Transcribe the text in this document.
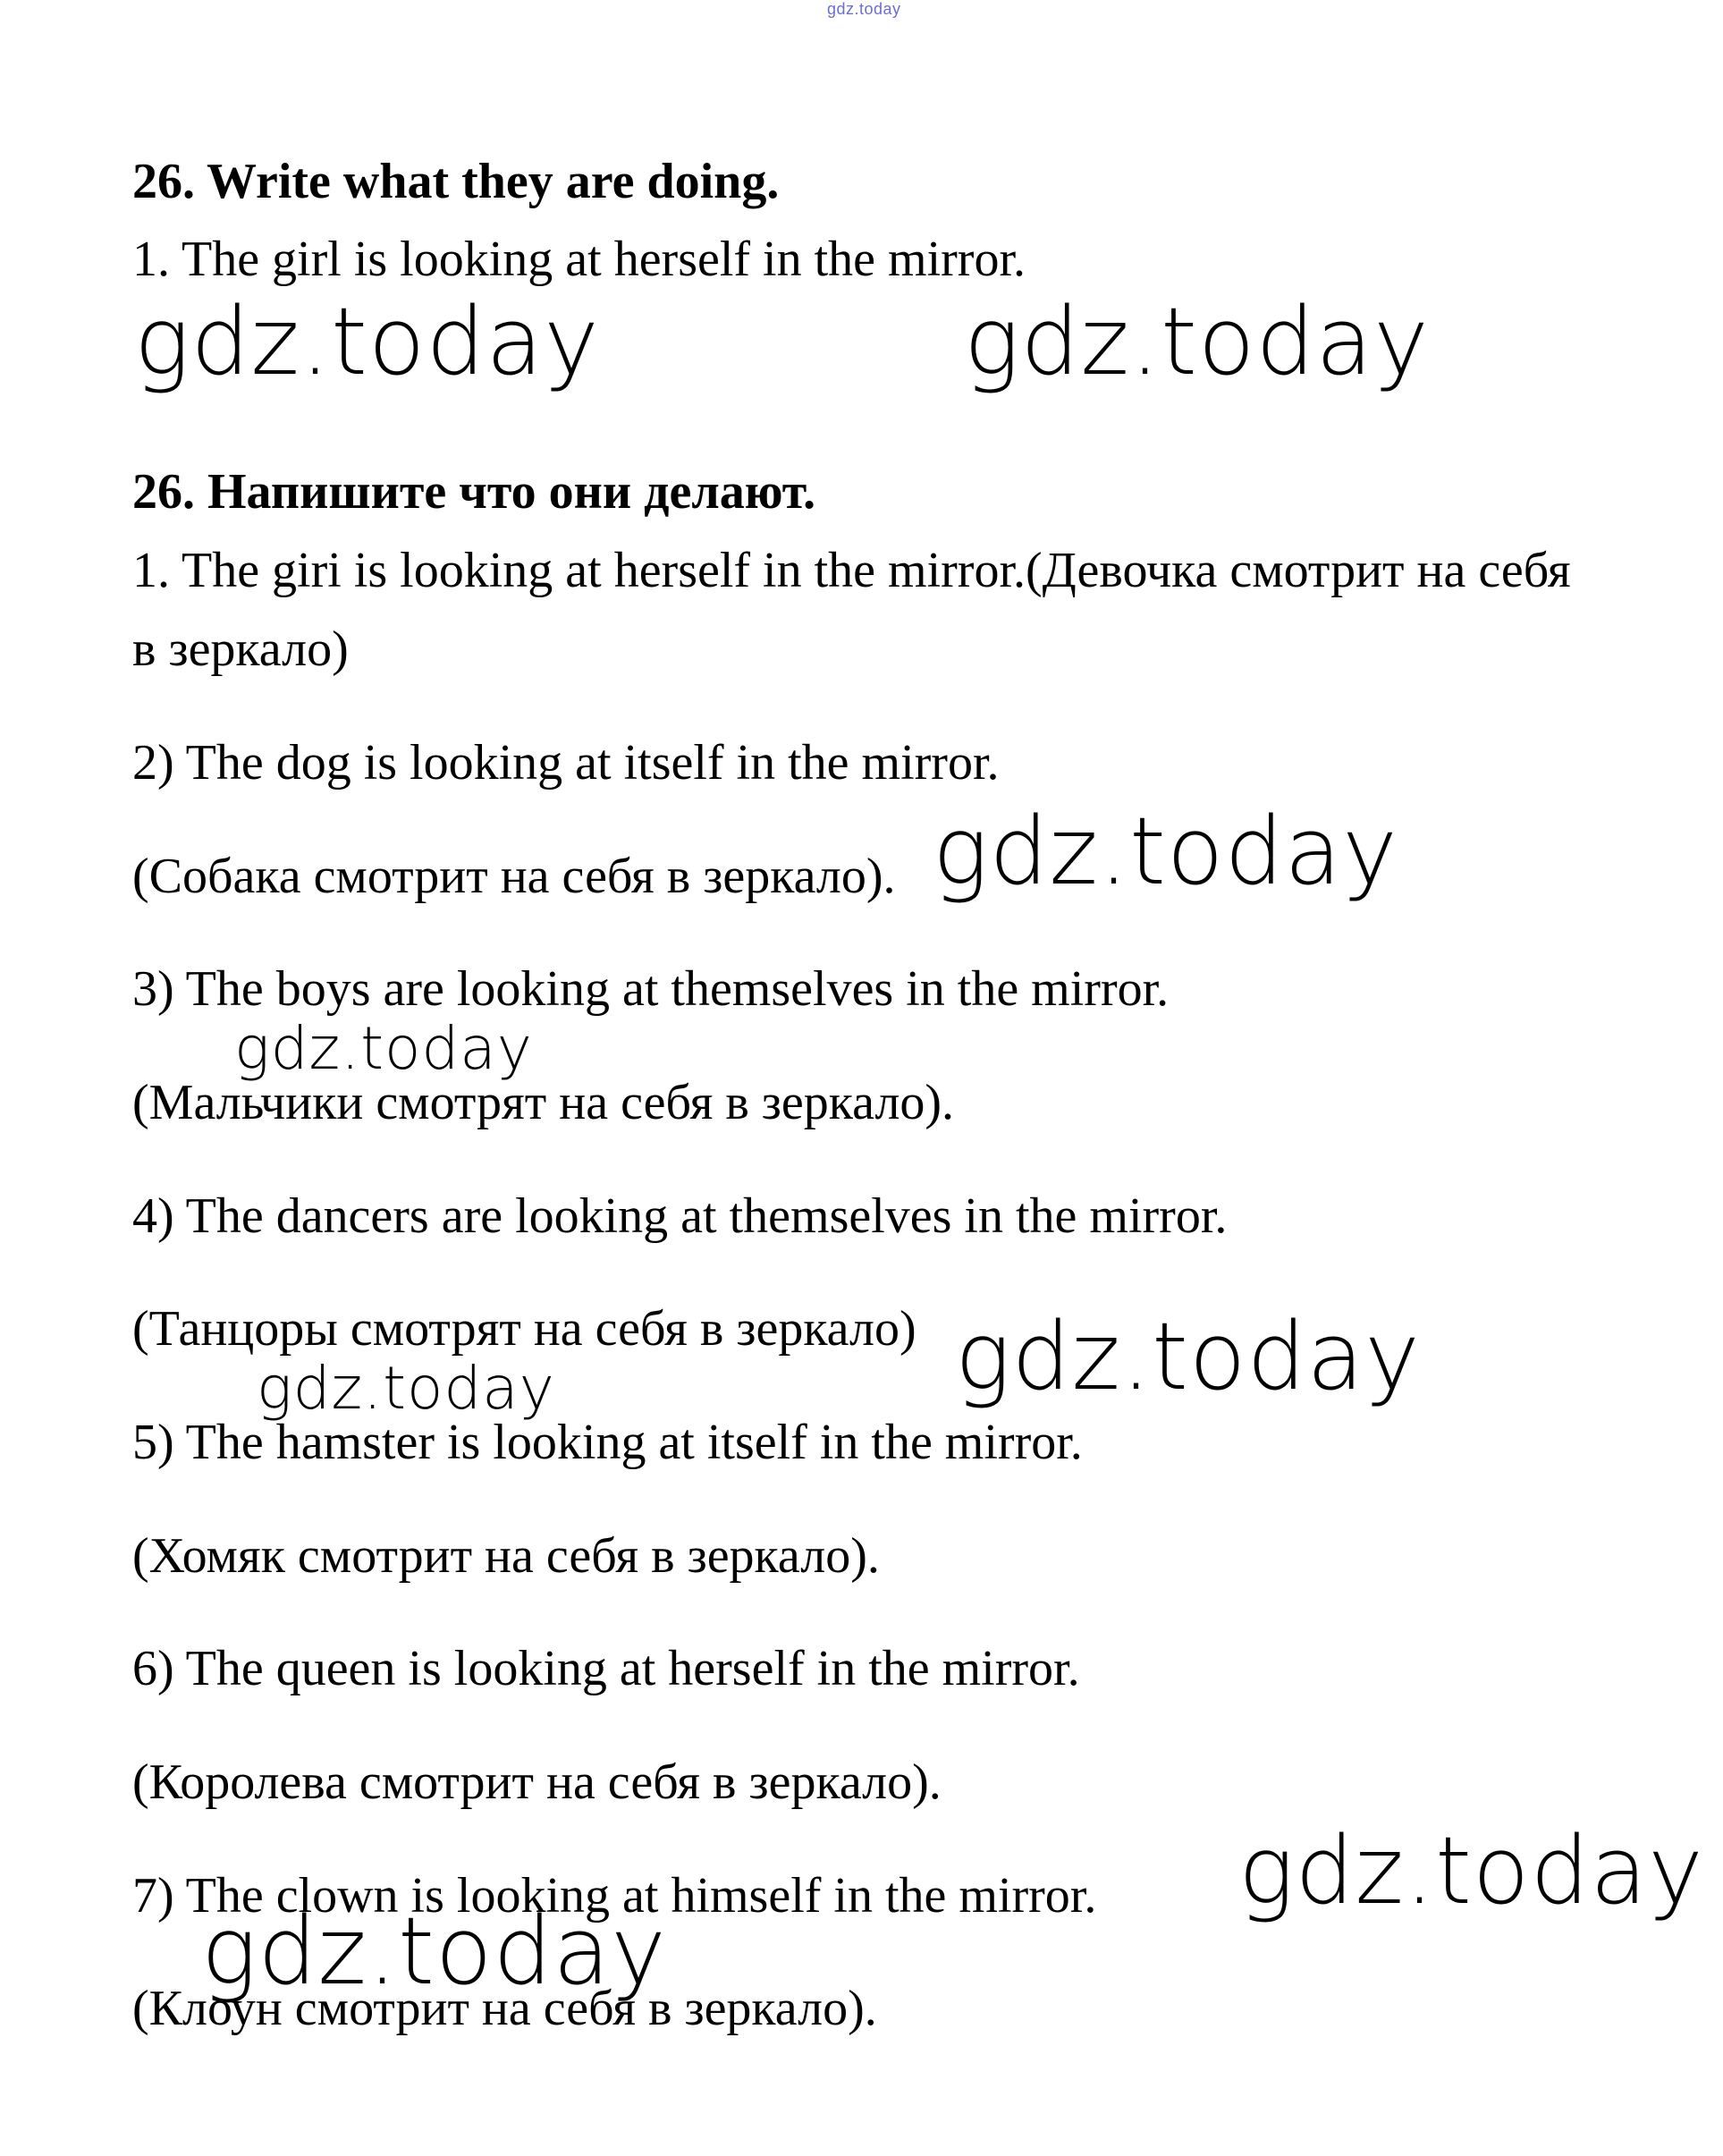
gdz.today
26. Write what they are doing.
1. The girl is looking at herself in the mirror.
26. Напишите что они делают.
1. The giri is looking at herself in the mirror.(Девочка смотрит на себя
в зеркало)
2) The dog is looking at itself in the mirror.
(Собака смотрит на себя в зеркало).
3) The boys are looking at themselves in the mirror.
(Мальчики смотрят на себя в зеркало).
4) The dancers are looking at themselves in the mirror.
(Танцоры смотрят на себя в зеркало)
5) The hamster is looking at itself in the mirror.
(Хомяк смотрит на себя в зеркало).
6) The queen is looking at herself in the mirror.
(Королева смотрит на себя в зеркало).
7) The clown is looking at himself in the mirror.
(Клоун смотрит на себя в зеркало).
gdz.today	gdz.today
gdz.today
gdz.today
gdz.today
gdz.today
gdz.today
gdz.today
